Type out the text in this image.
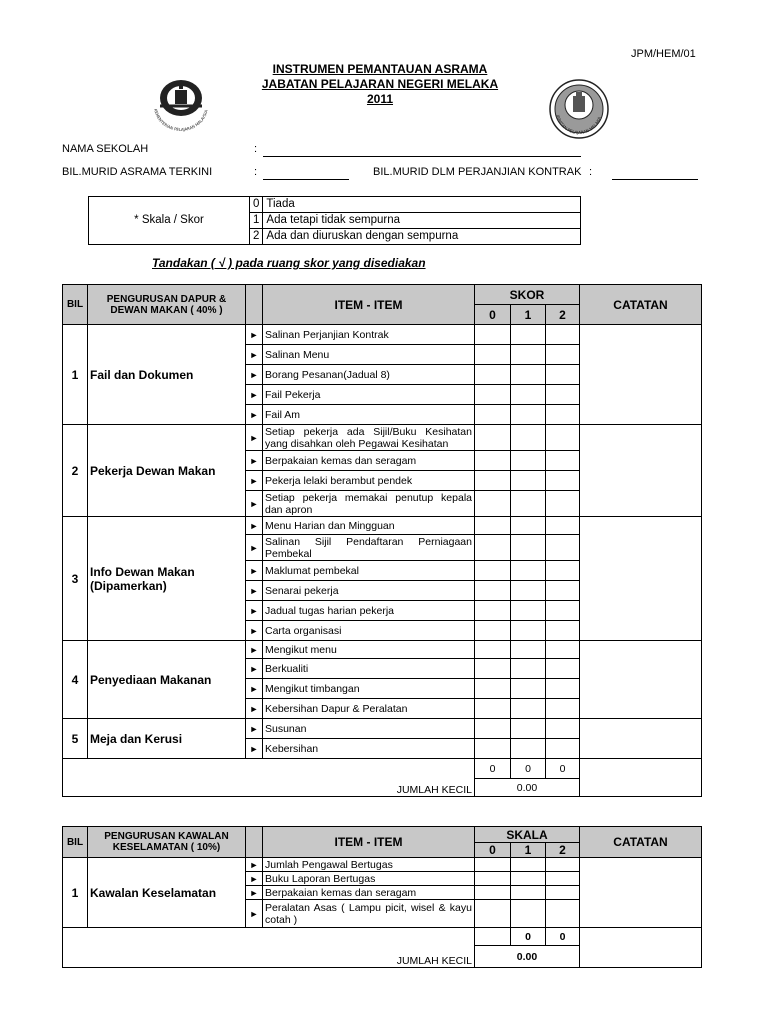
JPM/HEM/01
INSTRUMEN PEMANTAUAN ASRAMA
JABATAN PELAJARAN NEGERI MELAKA
2011
KEMENTERIAN PELAJARAN MALAYSIA
JABATAN PELAJARAN MELAKA
NAMA SEKOLAH	:
BIL.MURID ASRAMA TERKINI	:	BIL.MURID DLM PERJANJIAN KONTRAK :
* Skala / Skor	0	Tiada
	1	Ada tetapi tidak sempurna
	2	Ada dan diuruskan dengan sempurna
Tandakan ( √ ) pada ruang skor yang disediakan
BIL	PENGURUSAN DAPUR & DEWAN MAKAN ( 40% )		ITEM - ITEM	SKOR			CATATAN
				0	1	2	
1	Fail dan Dokumen	►	Salinan Perjanjian Kontrak				
		►	Salinan Menu				
		►	Borang Pesanan(Jadual 8)				
		►	Fail Pekerja				
		►	Fail Am				
2	Pekerja Dewan Makan	►	Setiap pekerja ada Sijil/Buku Kesihatan yang disahkan oleh Pegawai Kesihatan				
		►	Berpakaian kemas dan seragam				
		►	Pekerja lelaki berambut pendek				
		►	Setiap pekerja memakai penutup kepala dan apron				
3	Info Dewan Makan (Dipamerkan)	►	Menu Harian dan Mingguan				
		►	Salinan Sijil Pendaftaran Perniagaan Pembekal				
		►	Maklumat pembekal				
		►	Senarai pekerja				
		►	Jadual tugas harian pekerja				
		►	Carta organisasi				
4	Penyediaan Makanan	►	Mengikut menu				
		►	Berkualiti				
		►	Mengikut timbangan				
		►	Kebersihan Dapur & Peralatan				
5	Meja dan Kerusi	►	Susunan				
		►	Kebersihan				
JUMLAH KECIL				0	0	0	
				0.00			
BIL	PENGURUSAN KAWALAN KESELAMATAN ( 10%)		ITEM - ITEM	SKALA			CATATAN
				0	1	2	
1	Kawalan Keselamatan	►	Jumlah Pengawal Bertugas				
		►	Buku Laporan Bertugas				
		►	Berpakaian kemas dan seragam				
		►	Peralatan Asas ( Lampu picit, wisel & kayu cotah )				
JUMLAH KECIL					0	0	
				0.00			
